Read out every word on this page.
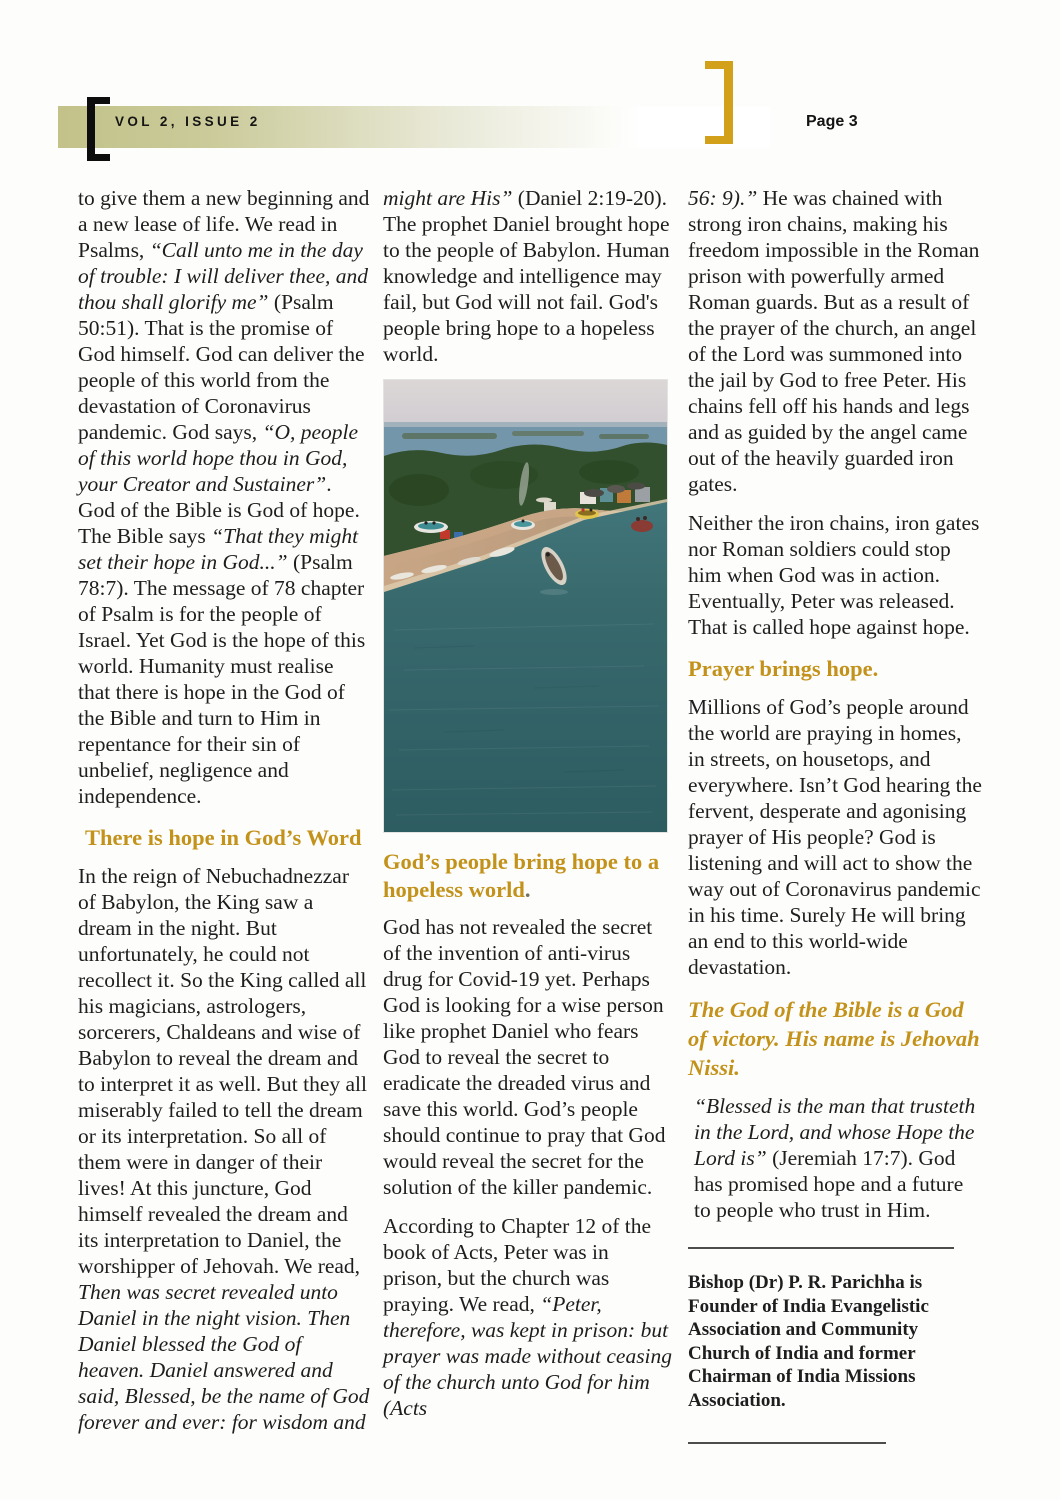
VOL 2, ISSUE 2	Page 3

to give them a new beginning and a new lease of life. We read in Psalms, “Call unto me in the day of trouble: I will deliver thee, and thou shall glorify me” (Psalm 50:51). That is the promise of God himself. God can deliver the people of this world from the devastation of Coronavirus pandemic. God says, “O, people of this world hope thou in God, your Creator and Sustainer”. God of the Bible is God of hope. The Bible says “That they might set their hope in God...” (Psalm 78:7). The message of 78 chapter of Psalm is for the people of Israel. Yet God is the hope of this world. Humanity must realise that there is hope in the God of the Bible and turn to Him in repentance for their sin of unbelief, negligence and independence.

There is hope in God’s Word

In the reign of Nebuchadnezzar of Babylon, the King saw a dream in the night. But unfortunately, he could not recollect it. So the King called all his magicians, astrologers, sorcerers, Chaldeans and wise of Babylon to reveal the dream and to interpret it as well. But they all miserably failed to tell the dream or its interpretation. So all of them were in danger of their lives! At this juncture, God himself revealed the dream and its interpretation to Daniel, the worshipper of Jehovah. We read, Then was secret revealed unto Daniel in the night vision. Then Daniel blessed the God of heaven. Daniel answered and said, Blessed, be the name of God forever and ever: for wisdom and

might are His” (Daniel 2:19-20). The prophet Daniel brought hope to the people of Babylon. Human knowledge and intelligence may fail, but God will not fail. God's people bring hope to a hopeless world.

God’s people bring hope to a hopeless world.

God has not revealed the secret of the invention of anti-virus drug for Covid-19 yet. Perhaps God is looking for a wise person like prophet Daniel who fears God to reveal the secret to eradicate the dreaded virus and save this world. God’s people should continue to pray that God would reveal the secret for the solution of the killer pandemic.

According to Chapter 12 of the book of Acts, Peter was in prison, but the church was praying. We read, “Peter, therefore, was kept in prison: but prayer was made without ceasing of the church unto God for him (Acts

56: 9).” He was chained with strong iron chains, making his freedom impossible in the Roman prison with powerfully armed Roman guards. But as a result of the prayer of the church, an angel of the Lord was summoned into the jail by God to free Peter. His chains fell off his hands and legs and as guided by the angel came out of the heavily guarded iron gates.

Neither the iron chains, iron gates nor Roman soldiers could stop him when God was in action. Eventually, Peter was released. That is called hope against hope.

Prayer brings hope.

Millions of God’s people around the world are praying in homes, in streets, on housetops, and everywhere. Isn’t God hearing the fervent, desperate and agonising prayer of His people? God is listening and will act to show the way out of Coronavirus pandemic in his time. Surely He will bring an end to this world-wide devastation.

The God of the Bible is a God of victory. His name is Jehovah Nissi.

“Blessed is the man that trusteth in the Lord, and whose Hope the Lord is” (Jeremiah 17:7). God has promised hope and a future to people who trust in Him.

Bishop (Dr) P. R. Parichha is Founder of India Evangelistic Association and Community Church of India and former Chairman of India Missions Association.
